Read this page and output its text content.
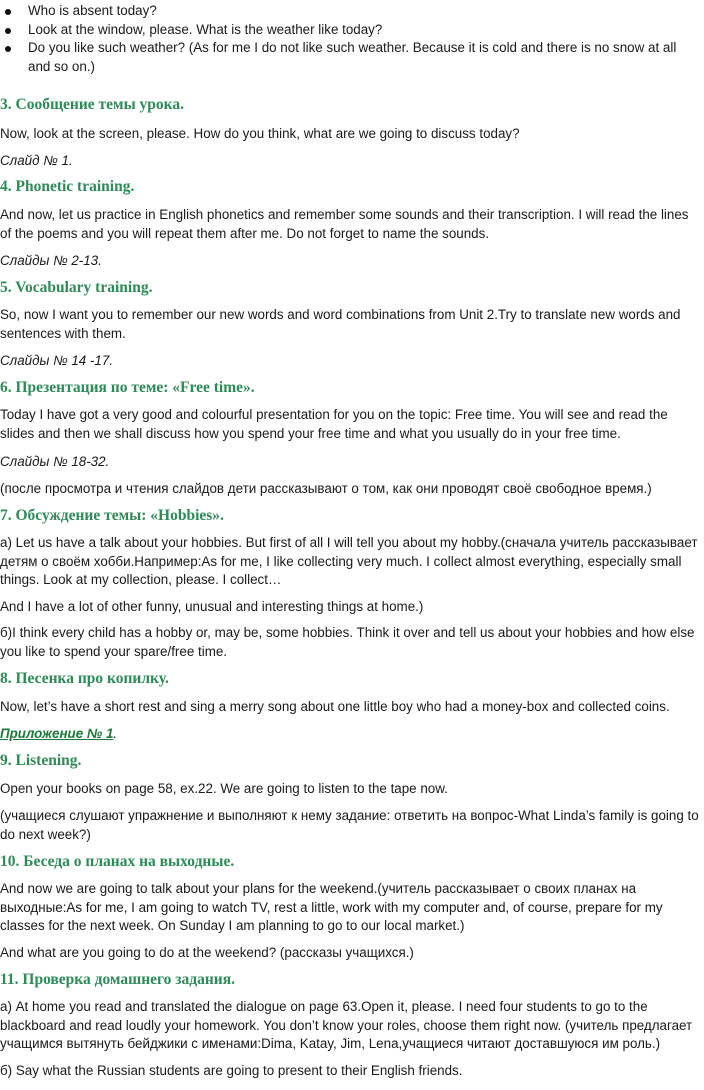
Who is absent today?
Look at the window, please. What is the weather like today?
Do you like such weather? (As for me I do not like such weather. Because it is cold and there is no snow at all and so on.)
3. Сообщение темы урока.

Now, look at the screen, please. How do you think, what are we going to discuss today?

Слайд № 1.

4. Phonetic training.

And now, let us practice in English phonetics and remember some sounds and their transcription. I will read the lines of the poems and you will repeat them after me. Do not forget to name the sounds.

Слайды № 2-13.

5. Vocabulary training.

So, now I want you to remember our new words and word combinations from Unit 2.Try to translate new words and sentences with them.

Слайды № 14 -17.

6. Презентация по теме: «Free time».

Today I have got a very good and colourful presentation for you on the topic: Free time. You will see and read the slides and then we shall discuss how you spend your free time and what you usually do in your free time.

Слайды № 18-32.

(после просмотра и чтения слайдов дети рассказывают о том, как они проводят своё свободное время.)

7. Обсуждение темы: «Hobbies».

а) Let us have a talk about your hobbies. But first of all I will tell you about my hobby.(сначала учитель рассказывает детям о своём хобби.Например:As for me, I like collecting very much. I collect almost everything, especially small things. Look at my collection, please. I collect…

And I have a lot of other funny, unusual and interesting things at home.)

б)I think every child has a hobby or, may be, some hobbies. Think it over and tell us about your hobbies and how else you like to spend your spare/free time.

8. Песенка про копилку.

Now, let’s have a short rest and sing a merry song about one little boy who had a money-box and collected coins.

Приложение № 1.

9. Listening.

Open your books on page 58, ex.22. We are going to listen to the tape now.

(учащиеся слушают упражнение и выполняют к нему задание: ответить на вопрос-What Linda’s family is going to do next week?)

10. Беседа о планах на выходные.

And now we are going to talk about your plans for the weekend.(учитель рассказывает о своих планах на выходные:As for me, I am going to watch TV, rest a little, work with my computer and, of course, prepare for my classes for the next week. On Sunday I am planning to go to our local market.)

And what are you going to do at the weekend? (рассказы учащихся.)

11. Проверка домашнего задания.

а) At home you read and translated the dialogue on page 63.Open it, please. I need four students to go to the blackboard and read loudly your homework. You don’t know your roles, choose them right now. (учитель предлагает учащимся вытянуть бейджики с именами:Dima, Katay, Jim, Lena,учащиеся читают доставшуюся им роль.)

б) Say what the Russian students are going to present to their English friends.
